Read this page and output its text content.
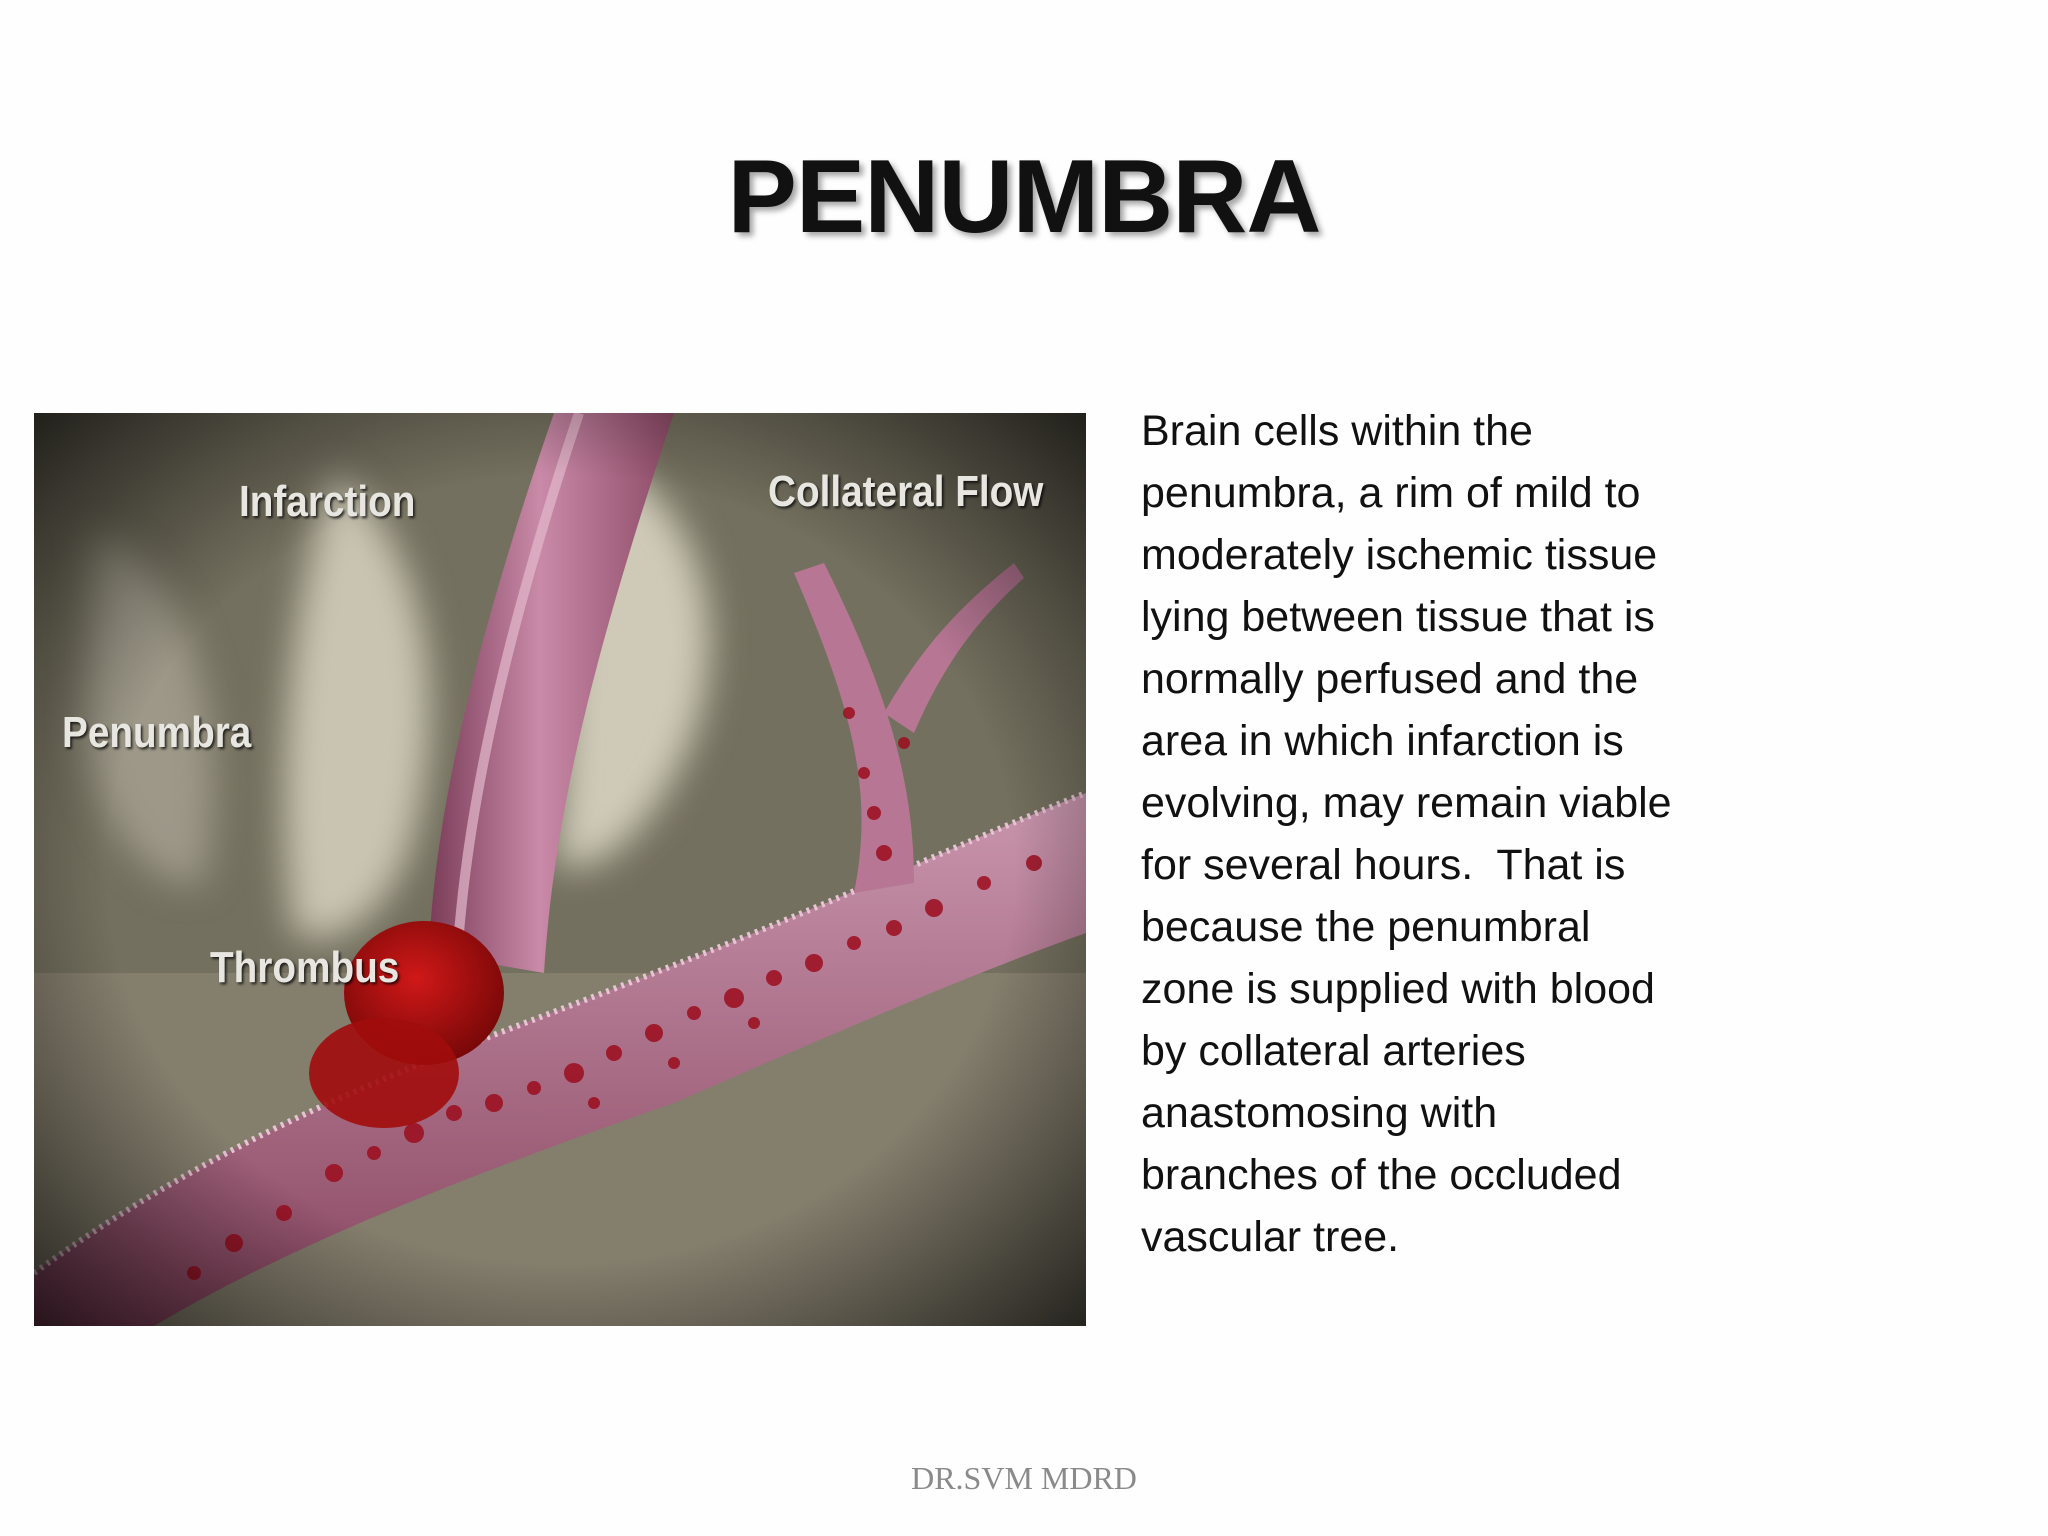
PENUMBRA
Infarction	Collateral Flow
Penumbra
Thrombus
Brain cells within the
penumbra, a rim of mild to
moderately ischemic tissue
lying between tissue that is
normally perfused and the
area in which infarction is
evolving, may remain viable
for several hours.  That is
because the penumbral
zone is supplied with blood
by collateral arteries
anastomosing with
branches of the occluded
vascular tree.
DR.SVM MDRD
